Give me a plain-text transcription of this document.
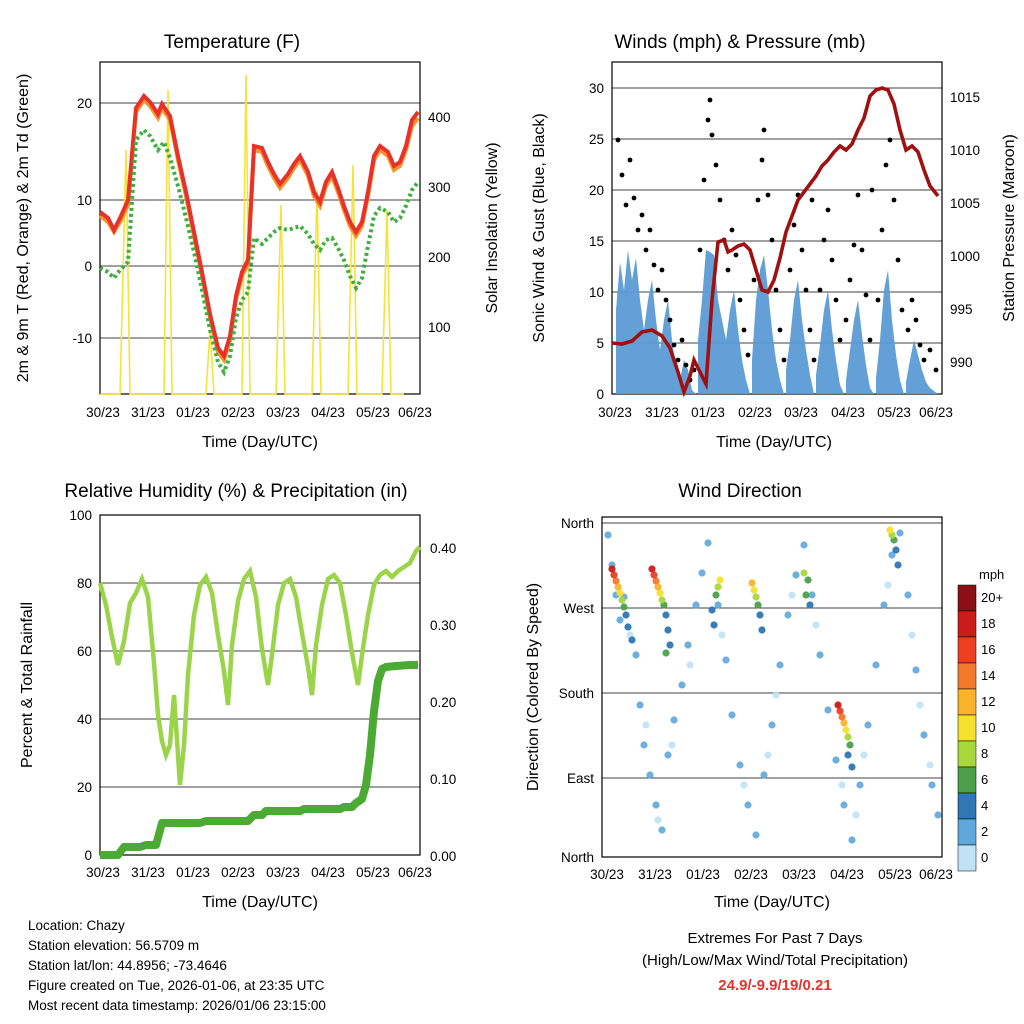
Temperature (F)
20
10
0
-10
400
300
200
100
30/23 31/23 01/23 02/23 03/23 04/23 05/23 06/23
Time (Day/UTC)
2m & 9m T (Red, Orange) & 2m Td (Green)	Solar Insolation (Yellow)
Winds (mph) & Pressure (mb)
30
25
20
15
10
5
0
1015
1010
1005
1000
995
990
30/23 31/23 01/23 02/23 03/23 04/23 05/23 06/23
Time (Day/UTC)
Sonic Wind & Gust (Blue, Black)	Station Pressure (Maroon)
Relative Humidity (%) & Precipitation (in)
100
80
60
40
20
0
0.40
0.30
0.20
0.10
0.00
30/23 31/23 01/23 02/23 03/23 04/23 05/23 06/23
Time (Day/UTC)
Percent & Total Rainfall
Wind Direction
North
West
South
East
North
30/23 31/23 01/23 02/23 03/23 04/23 05/23 06/23
Time (Day/UTC)
Direction (Colored By Speed)
mph
20+
18
16
14
12
10
8
6
4
2
0
Location: Chazy
Station elevation: 56.5709 m
Station lat/lon: 44.8956; -73.4646
Figure created on Tue, 2026-01-06, at 23:35 UTC
Most recent data timestamp: 2026/01/06 23:15:00
Extremes For Past 7 Days
(High/Low/Max Wind/Total Precipitation)
24.9/-9.9/19/0.21
